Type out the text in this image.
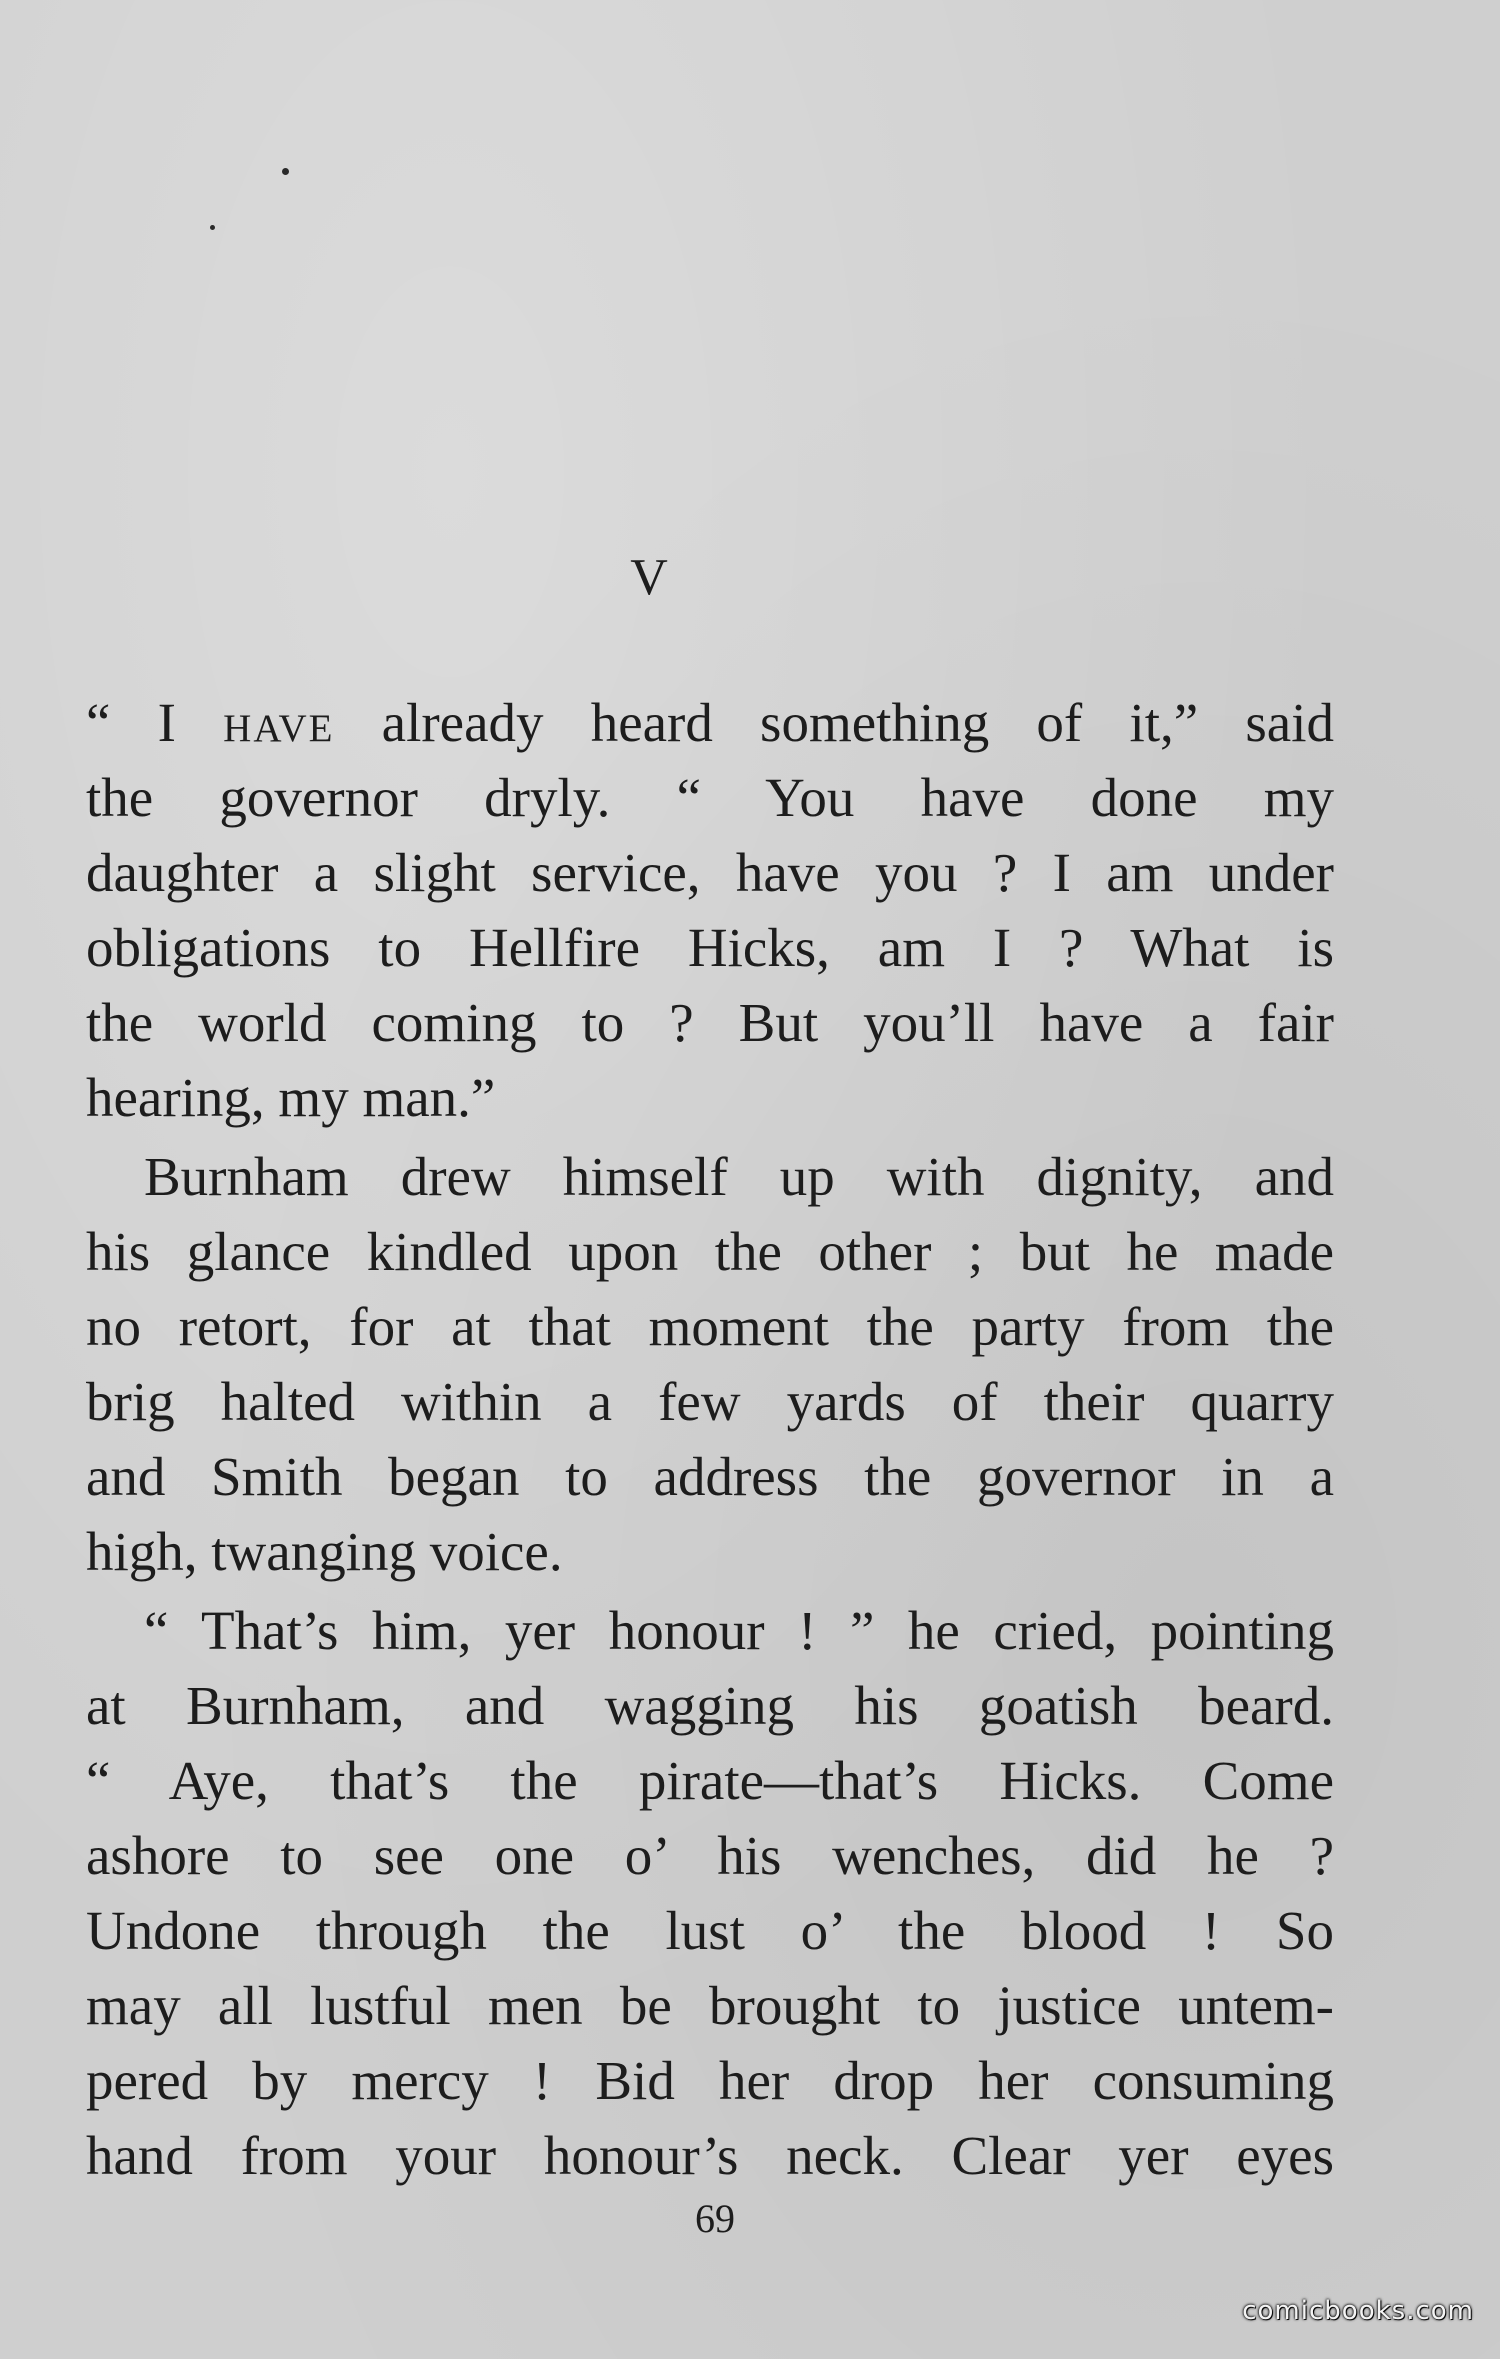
V
“ I have already heard something of it,” said
the governor dryly. “ You have done my
daughter a slight service, have you ? I am under
obligations to Hellfire Hicks, am I ? What is
the world coming to ? But you’ll have a fair
hearing, my man.”
Burnham drew himself up with dignity, and
his glance kindled upon the other ; but he made
no retort, for at that moment the party from the
brig halted within a few yards of their quarry
and Smith began to address the governor in a
high, twanging voice.
“ That’s him, yer honour ! ” he cried, pointing
at Burnham, and wagging his goatish beard.
“ Aye, that’s the pirate—that’s Hicks. Come
ashore to see one o’ his wenches, did he ?
Undone through the lust o’ the blood ! So
may all lustful men be brought to justice untem-
pered by mercy ! Bid her drop her consuming
hand from your honour’s neck. Clear yer eyes
69
comicbooks.com
